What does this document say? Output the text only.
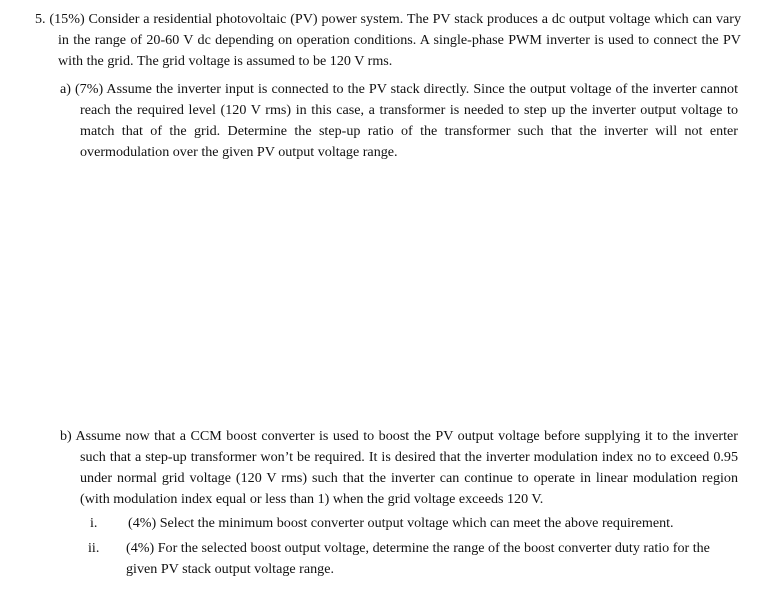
5. (15%) Consider a residential photovoltaic (PV) power system. The PV stack produces a dc output voltage which can vary in the range of 20-60 V dc depending on operation conditions. A single-phase PWM inverter is used to connect the PV with the grid. The grid voltage is assumed to be 120 V rms.
a) (7%) Assume the inverter input is connected to the PV stack directly. Since the output voltage of the inverter cannot reach the required level (120 V rms) in this case, a transformer is needed to step up the inverter output voltage to match that of the grid. Determine the step-up ratio of the transformer such that the inverter will not enter overmodulation over the given PV output voltage range.
b) Assume now that a CCM boost converter is used to boost the PV output voltage before supplying it to the inverter such that a step-up transformer won’t be required. It is desired that the inverter modulation index no to exceed 0.95 under normal grid voltage (120 V rms) such that the inverter can continue to operate in linear modulation region (with modulation index equal or less than 1) when the grid voltage exceeds 120 V.
i.	(4%) Select the minimum boost converter output voltage which can meet the above requirement.
ii.	(4%) For the selected boost output voltage, determine the range of the boost converter duty ratio for the given PV stack output voltage range.
